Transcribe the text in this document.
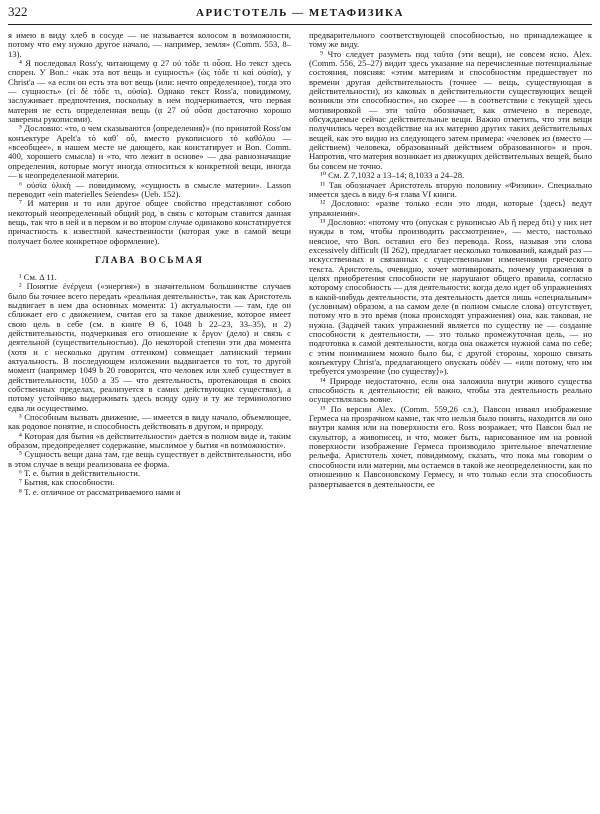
322	АРИСТОТЕЛЬ — МЕТАФИЗИКА

я имею в виду хлеб в сосуде — не называется колосом в возможности, потому что ему нужно другое начало, — например, земля» (Comm. 553, 8–13).

⁴ Я последовал Ross'у, читающему ᾳ 27 οὐ τόδε τι οὖσα. Но текст здесь спорен. У Bon.: «как эта вот вещь и сущность» (ὡς τόδε τι καὶ οὐσία), у Christ'a — «а если он есть эта вот вещь (или: нечто определенное), тогда это — сущность» (εἰ δὲ τόδε τι, οὐσία). Однако текст Ross'a, повидимому, заслуживает предпочтения, поскольку в нем подчеркивается, что первая материя не есть определенная вещь (ᾳ 27 οὐ οὖσα достаточно хорошо заверены рукописями).

⁵ Дословно: «то, о чем сказываются ⟨определения⟩» (по принятой Ross'ом конъектуре Apelt'a τὸ καθ᾽ οὗ, вместо рукописного τὸ καθόλου — «всеобщее», в нашем месте не дающего, как констатирует и Bon. Comm. 400, хорошего смысла) и «то, что лежит в основе» — два равнозначащие определения, которые могут иногда относиться к конкретной вещи, иногда — к неопределенной материи.

⁶ οὐσία ὑλική — повидимому, «сущность в смысле материи». Lasson переводит «ein materielles Seiendes» (Ueb. 152).

⁷ И материя и то или другое общее свойство представляют собою некоторый неопределенный общий род, в связь с которым ставится данная вещь, так что в ней и в первом и во втором случае одинаково констатируется причастность к известной качественности (которая уже в самой вещи получает более конкретное оформление).

ГЛАВА ВОСЬМАЯ

¹ См. Δ 11.

² Понятие ἐνέργεια («энергия») в значительном большинстве случаев было бы точнее всего передать «реальная деятельность», так как Аристотель выдвигает в нем два основных момента: 1) актуальности — там, где он сближает его с движением, считая его за такое движение, которое имеет свою цель в себе (см. в книге Θ 6, 1048 b 22–23, 33–35), и 2) действительности, подчеркивая его отношение к ἔργον (дело) и связь с деятельной (существительностью). До некоторой степени эти два момента (хотя и с несколько другим оттенком) совмещает латинский термин актуальность. В последующем изложении выдвигается то тот, то другой момент (например 1049 b 20 говорится, что человек или хлеб существует в действительности, 1050 a 35 — что деятельность, протекающая в своих собственных пределах, реализуется в самих действующих существах), а потому устойчиво выдерживать здесь всюду одну и ту же терминологию едва ли осуществимо.

³ Способным вызвать движение, — имеется в виду начало, объемлющее, как родовое понятие, и способность действовать в другом, и природу.

⁴ Которая для бытия «в действительности» дается в полном виде и, таким образом, предопределяет содержание, мыслимое у бытия «в возможности».

⁵ Сущность вещи дана там, где вещь существует в действительности, ибо в этом случае в вещи реализована ее форма.

⁶ Т. е. бытия в действительности.

⁷ Бытия, как способности.

⁸ Т. е. отличное от рассматриваемого нами и

предварительного соответствующей способностью, но принадлежащее к тому же виду.

⁹ Что следует разуметь под ταῦτα (эти вещи), не совсем ясно. Alex. (Comm. 556, 25–27) видит здесь указание на перечисленные потенциальные состояния, поясняя: «этим материям и способностям предшествует по времени другая действительность (точнее — вещь, существующая в действительности), из каковых в действительности существующих вещей возникли эти способности», но скорее — в соответствии с текущей здесь мотивировкой — эти ταῦτα обозначает, как отмечено в переводе, обсуждаемые сейчас действительные вещи. Важно отметить, что эти вещи получились через воздействие на их материю других таких действительных вещей, как это видно из следующего затем примера: «человек из (вместо — действием) человека, образованный действием образованного» и проч. Напротив, что материя возникает из движущих действительных вещей, было бы совсем не точно.

¹⁰ См. Ζ 7,1032 a 13–14; 8,1033 a 24–28.

¹¹ Так обозначает Аристотель вторую половину «Физики». Специально имеется здесь в виду 6-я глава VI книги.

¹² Дословно: «разве только если это люди, которые ⟨здесь⟩ ведут упражнения».

¹³ Дословно: «потому что (опуская с рукописью Ab ἢ перед ὅτι) у них нет нужды в том, чтобы производить рассмотрение», — место, настолько неясное, что Bon. оставил его без перевода. Ross, называя эти слова excessively difficult (II 262), предлагает несколько толкований, каждый раз — искусственных и связанных с существенными изменениями греческого текста. Аристотель, очевидно, хочет мотивировать, почему упражнения в целях приобретения способности не нарушают общего правила, согласно которому способность — для деятельности: когда дело идет об упражнениях в какой-нибудь деятельности, эта деятельность дается лишь «специальным» (условным) образом, а на самом деле (в полном смысле слова) отсутствует, потому что в это время (пока происходят упражнения) она, как таковая, не нужна. (Задачей таких упражнений является по существу не — создание способности к деятельности, — это только промежуточная цель, — но подготовка к самой деятельности, когда она окажется нужной сама по себе; с этим пониманием можно было бы, с другой стороны, хорошо связать конъектуру Christ'a, предлагающего опускать οὐδὲν — «или потому, что им требуется умозрение ⟨по существу⟩»).

¹⁴ Природе недостаточно, если она заложила внутри живого существа способность к деятельности; ей важно, чтобы эта деятельность реально осуществлялась вовне.

¹⁵ По версии Alex. (Comm. 559,26 сл.), Павсон изваял изображение Гермеса на прозрачном камне, так что нельзя было понять, находится ли оно внутри камня или на поверхности его. Ross возражает, что Павсон был не скульптор, а живописец, и что, может быть, нарисованное им на ровной поверхности изображение Гермеса производило зрительное впечатление рельефа. Аристотель хочет, повидимому, сказать, что пока мы говорим о способности или материи, мы остаемся в такой же неопределенности, как по отношению к Павсоновскому Гермесу, и что только если эта способность развертывается в деятельности, ее
